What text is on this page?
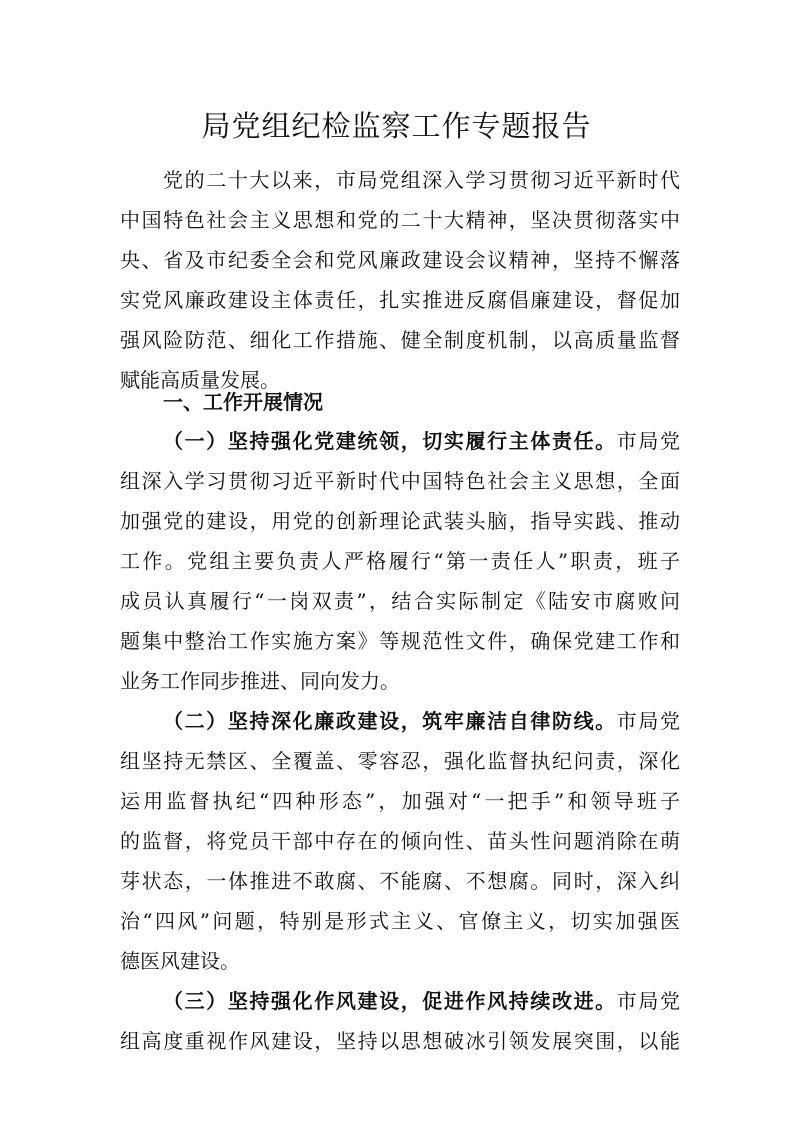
局党组纪检监察工作专题报告
党的二十大以来，市局党组深入学习贯彻习近平新时代
中国特色社会主义思想和党的二十大精神，坚决贯彻落实中
央、省及市纪委全会和党风廉政建设会议精神，坚持不懈落
实党风廉政建设主体责任，扎实推进反腐倡廉建设，督促加
强风险防范、细化工作措施、健全制度机制，以高质量监督
赋能高质量发展。
一、工作开展情况
（一）坚持强化党建统领，切实履行主体责任。市局党
组深入学习贯彻习近平新时代中国特色社会主义思想，全面
加强党的建设，用党的创新理论武装头脑，指导实践、推动
工作。党组主要负责人严格履行“第一责任人”职责，班子
成员认真履行“一岗双责”，结合实际制定《陆安市腐败问
题集中整治工作实施方案》等规范性文件，确保党建工作和
业务工作同步推进、同向发力。
（二）坚持深化廉政建设，筑牢廉洁自律防线。市局党
组坚持无禁区、全覆盖、零容忍，强化监督执纪问责，深化
运用监督执纪“四种形态”，加强对“一把手”和领导班子
的监督，将党员干部中存在的倾向性、苗头性问题消除在萌
芽状态，一体推进不敢腐、不能腐、不想腐。同时，深入纠
治“四风”问题，特别是形式主义、官僚主义，切实加强医
德医风建设。
（三）坚持强化作风建设，促进作风持续改进。市局党
组高度重视作风建设，坚持以思想破冰引领发展突围，以能
